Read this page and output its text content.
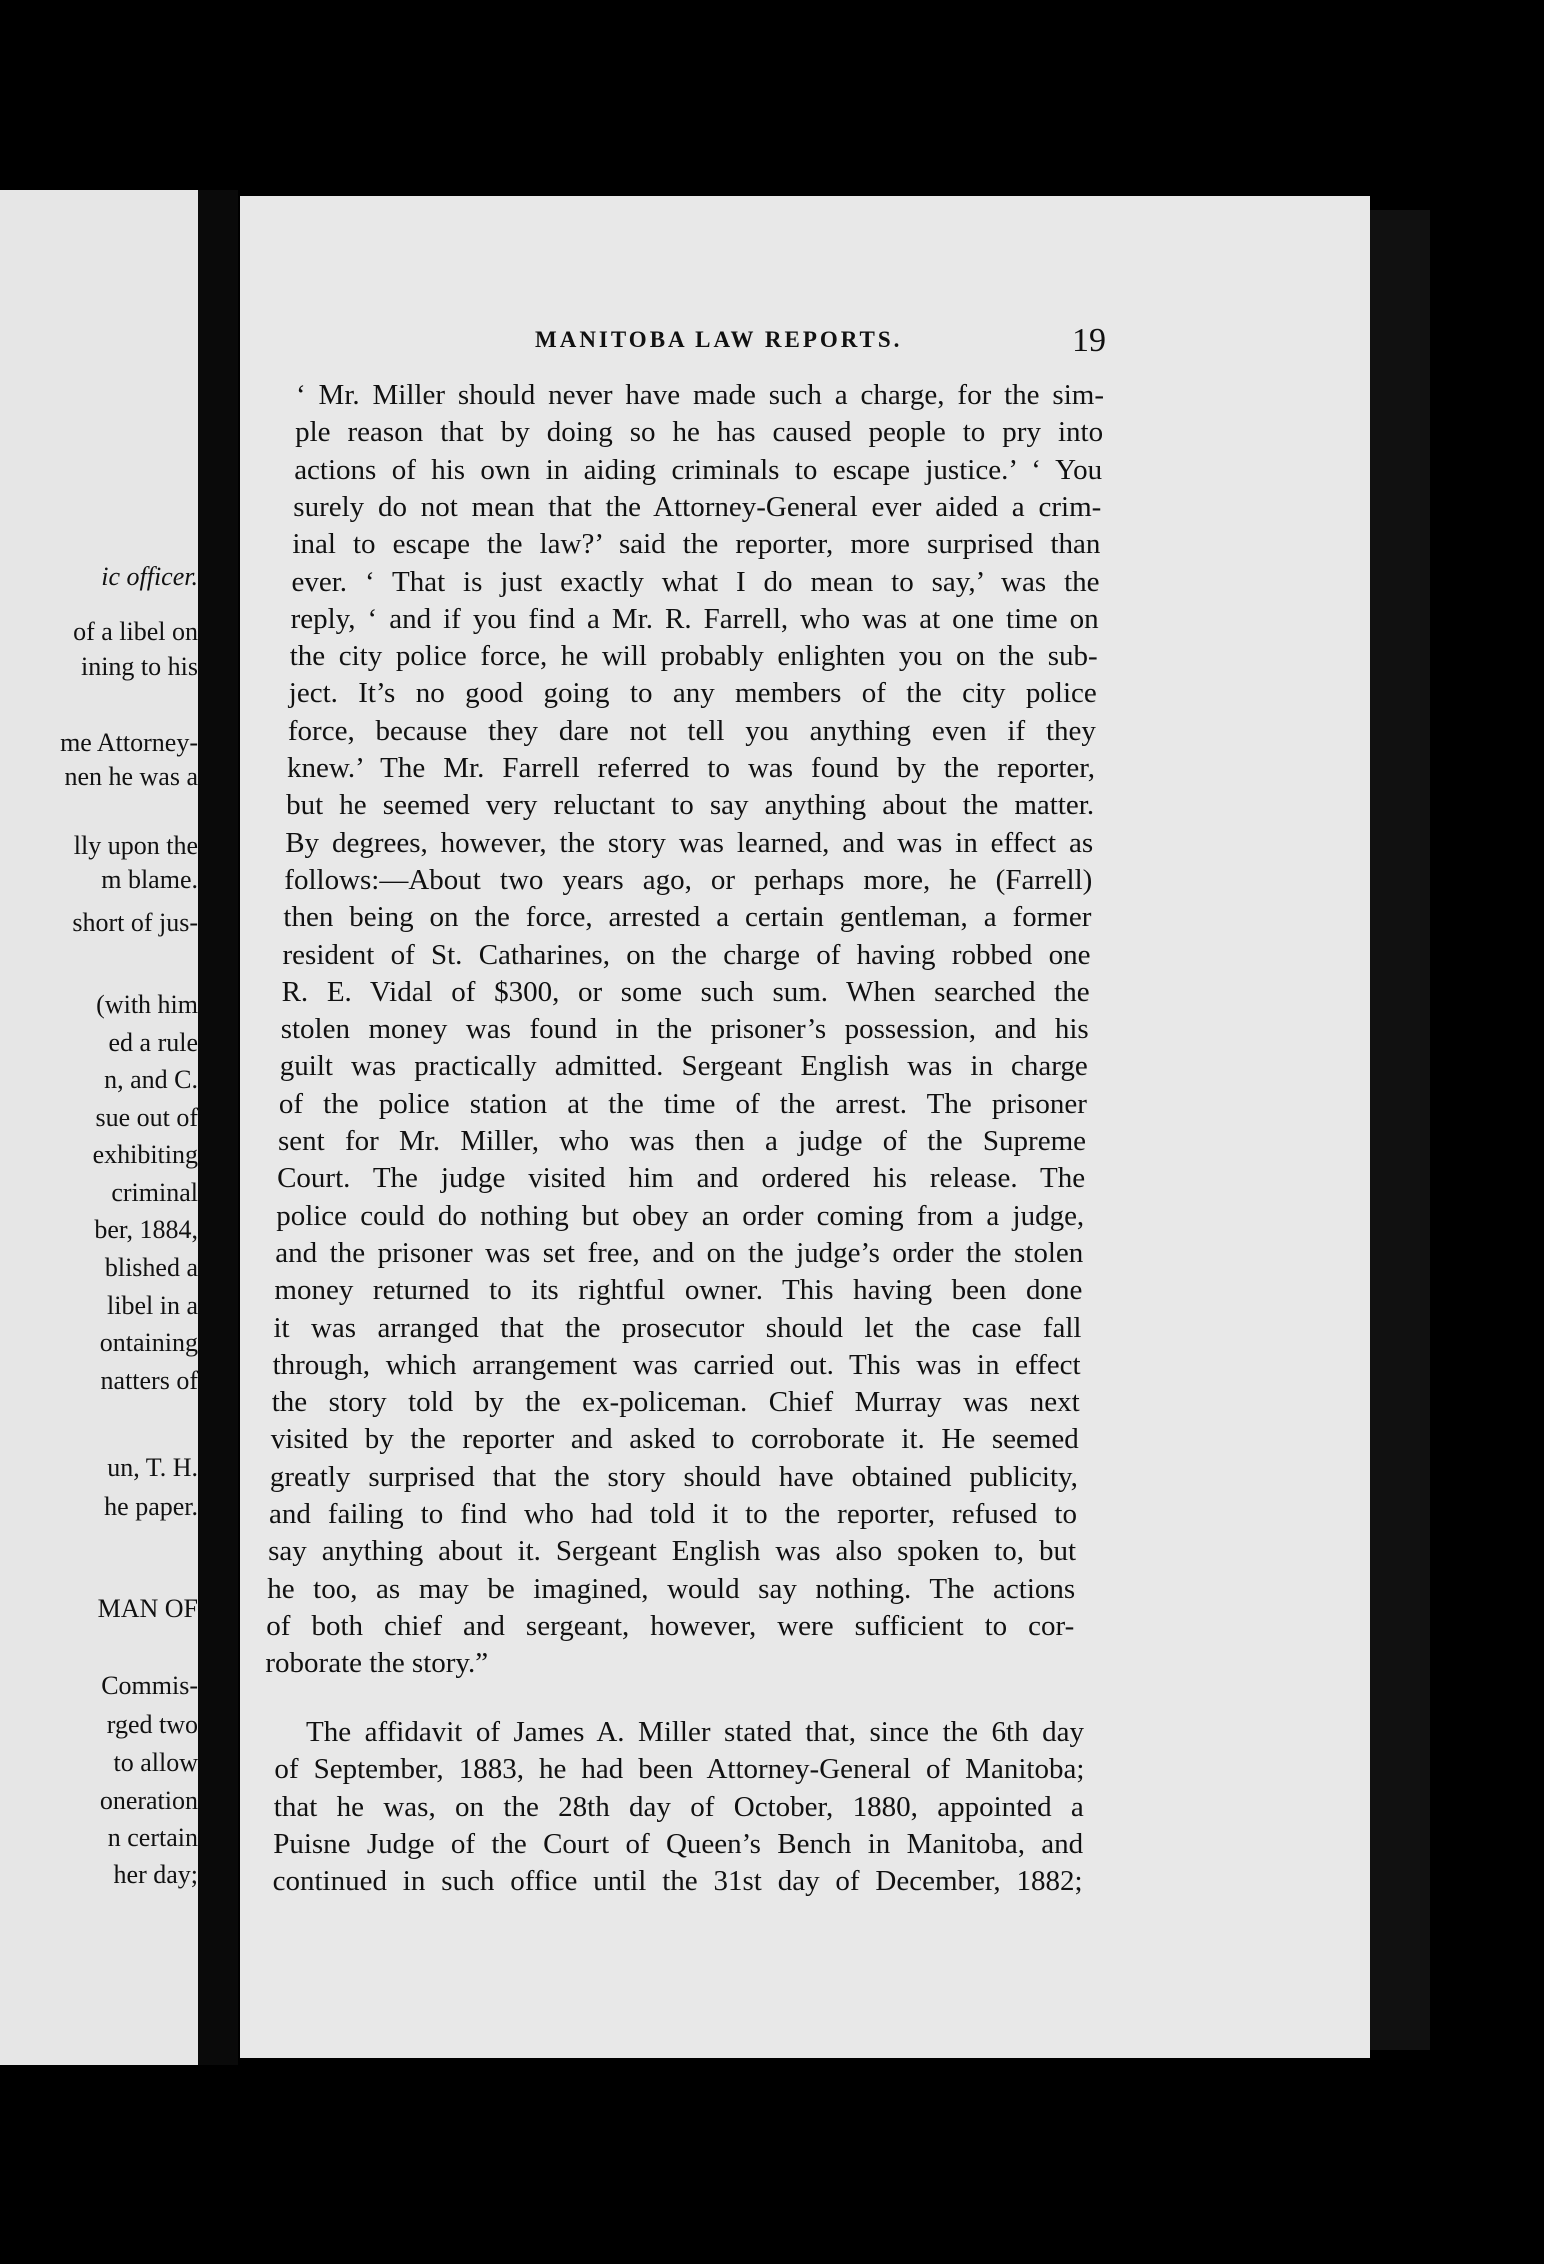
ic officer.
of a libel on
ining to his
me Attorney-
nen he was a
lly upon the
m blame.
short of jus-
(with him
ed a rule
n, and C.
sue out of
exhibiting
criminal
ber, 1884,
blished a
libel in a
ontaining
natters of
un, T. H.
he paper.
MAN OF
Commis-
rged two
to allow
oneration
n certain
her day;
MANITOBA LAW REPORTS.	19
‘ Mr. Miller should never have made such a charge, for the sim-
ple reason that by doing so he has caused people to pry into
actions of his own in aiding criminals to escape justice.’ ‘ You
surely do not mean that the Attorney-General ever aided a crim-
inal to escape the law?’ said the reporter, more surprised than
ever. ‘ That is just exactly what I do mean to say,’ was the
reply, ‘ and if you find a Mr. R. Farrell, who was at one time on
the city police force, he will probably enlighten you on the sub-
ject. It’s no good going to any members of the city police
force, because they dare not tell you anything even if they
knew.’ The Mr. Farrell referred to was found by the reporter,
but he seemed very reluctant to say anything about the matter.
By degrees, however, the story was learned, and was in effect as
follows:—About two years ago, or perhaps more, he (Farrell)
then being on the force, arrested a certain gentleman, a former
resident of St. Catharines, on the charge of having robbed one
R. E. Vidal of $300, or some such sum. When searched the
stolen money was found in the prisoner’s possession, and his
guilt was practically admitted. Sergeant English was in charge
of the police station at the time of the arrest. The prisoner
sent for Mr. Miller, who was then a judge of the Supreme
Court. The judge visited him and ordered his release. The
police could do nothing but obey an order coming from a judge,
and the prisoner was set free, and on the judge’s order the stolen
money returned to its rightful owner. This having been done
it was arranged that the prosecutor should let the case fall
through, which arrangement was carried out. This was in effect
the story told by the ex-policeman. Chief Murray was next
visited by the reporter and asked to corroborate it. He seemed
greatly surprised that the story should have obtained publicity,
and failing to find who had told it to the reporter, refused to
say anything about it. Sergeant English was also spoken to, but
he too, as may be imagined, would say nothing. The actions
of both chief and sergeant, however, were sufficient to cor-
roborate the story.”
The affidavit of James A. Miller stated that, since the 6th day
of September, 1883, he had been Attorney-General of Manitoba;
that he was, on the 28th day of October, 1880, appointed a
Puisne Judge of the Court of Queen’s Bench in Manitoba, and
continued in such office until the 31st day of December, 1882;
